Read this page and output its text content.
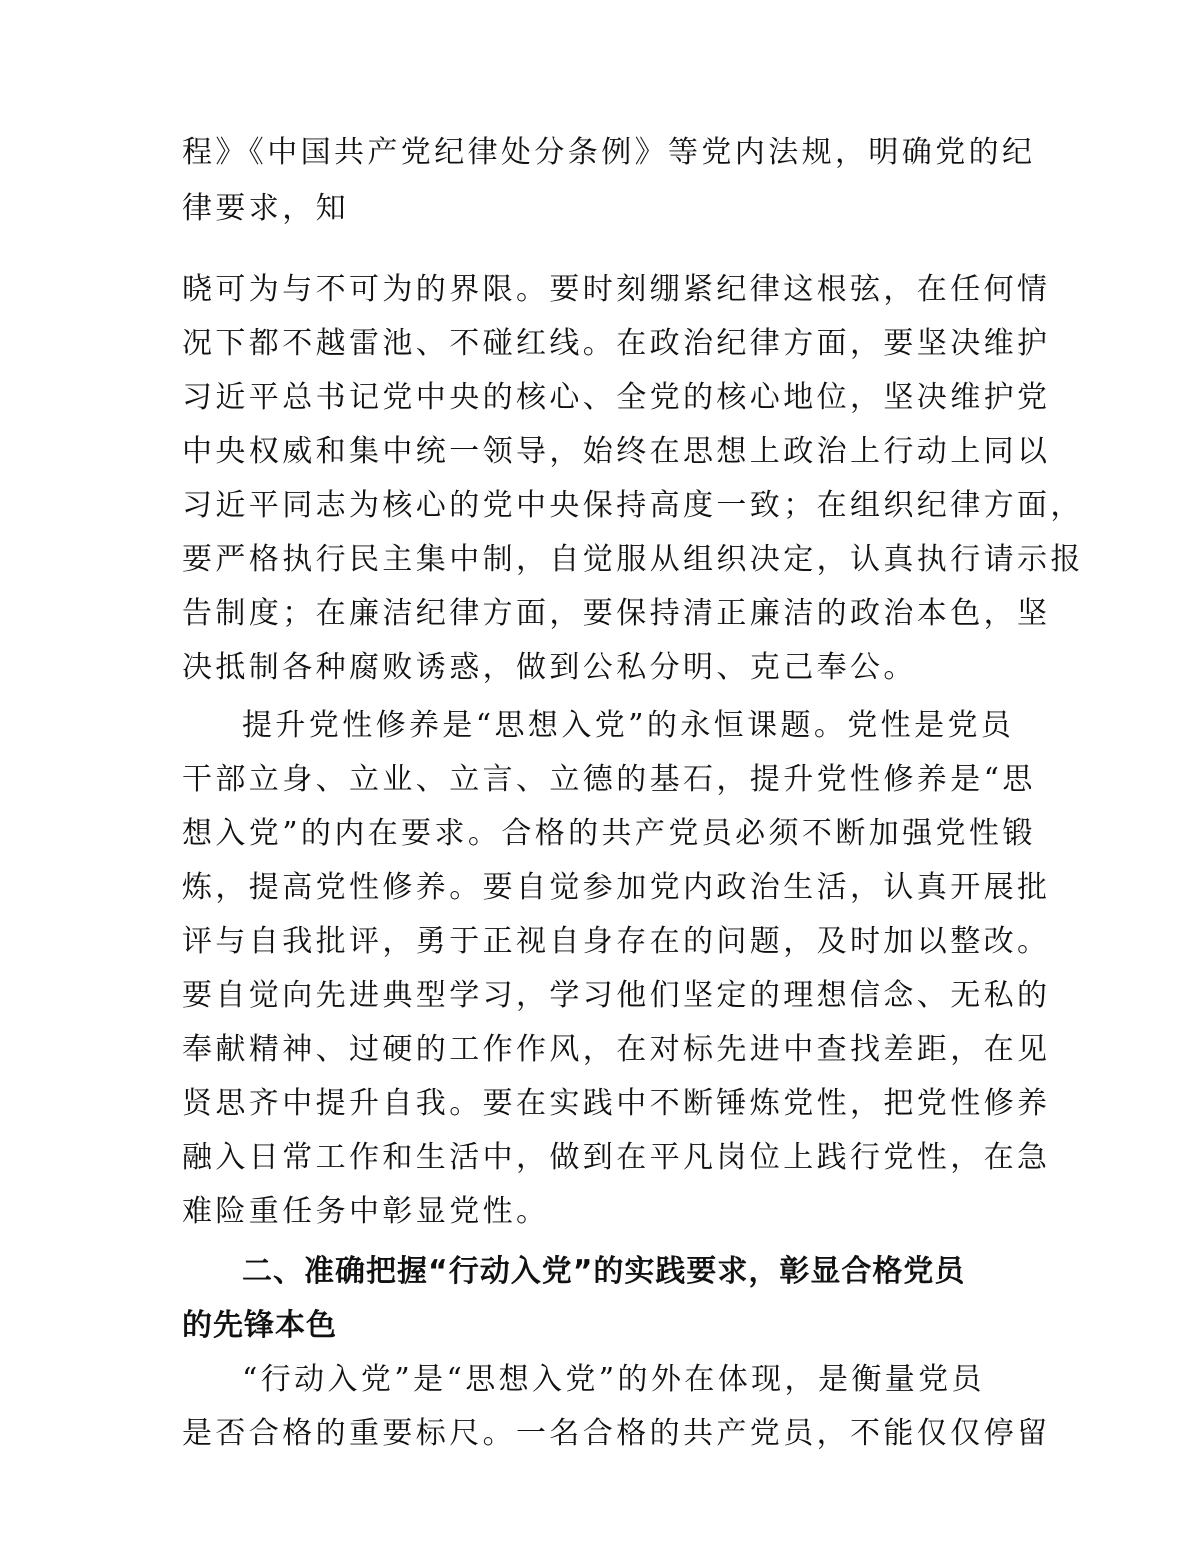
程》《中国共产党纪律处分条例》等党内法规，明确党的纪

律要求，知

晓可为与不可为的界限。要时刻绷紧纪律这根弦，在任何情

况下都不越雷池、不碰红线。在政治纪律方面，要坚决维护

习近平总书记党中央的核心、全党的核心地位，坚决维护党

中央权威和集中统一领导，始终在思想上政治上行动上同以

习近平同志为核心的党中央保持高度一致；在组织纪律方面，

要严格执行民主集中制，自觉服从组织决定，认真执行请示报

告制度；在廉洁纪律方面，要保持清正廉洁的政治本色，坚

决抵制各种腐败诱惑，做到公私分明、克己奉公。

提升党性修养是“思想入党”的永恒课题。党性是党员

干部立身、立业、立言、立德的基石，提升党性修养是“思

想入党”的内在要求。合格的共产党员必须不断加强党性锻

炼，提高党性修养。要自觉参加党内政治生活，认真开展批

评与自我批评，勇于正视自身存在的问题，及时加以整改。

要自觉向先进典型学习，学习他们坚定的理想信念、无私的

奉献精神、过硬的工作作风，在对标先进中查找差距，在见

贤思齐中提升自我。要在实践中不断锤炼党性，把党性修养

融入日常工作和生活中，做到在平凡岗位上践行党性，在急

难险重任务中彰显党性。

二、准确把握“行动入党”的实践要求，彰显合格党员

的先锋本色

“行动入党”是“思想入党”的外在体现，是衡量党员

是否合格的重要标尺。一名合格的共产党员，不能仅仅停留
